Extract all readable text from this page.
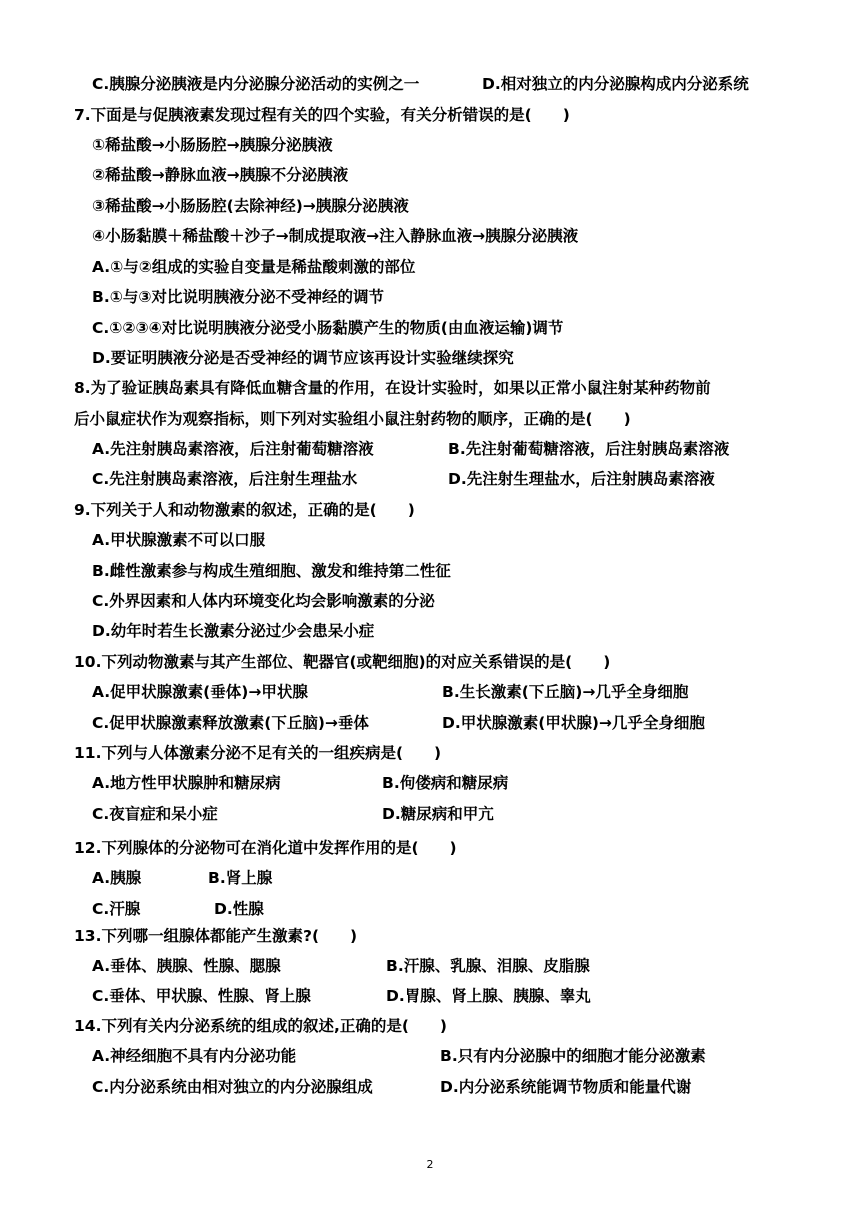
C.胰腺分泌胰液是内分泌腺分泌活动的实例之一	D.相对独立的内分泌腺构成内分泌系统
7.下面是与促胰液素发现过程有关的四个实验，有关分析错误的是(　　)
①稀盐酸→小肠肠腔→胰腺分泌胰液
②稀盐酸→静脉血液→胰腺不分泌胰液
③稀盐酸→小肠肠腔(去除神经)→胰腺分泌胰液
④小肠黏膜＋稀盐酸＋沙子→制成提取液→注入静脉血液→胰腺分泌胰液
A.①与②组成的实验自变量是稀盐酸刺激的部位
B.①与③对比说明胰液分泌不受神经的调节
C.①②③④对比说明胰液分泌受小肠黏膜产生的物质(由血液运输)调节
D.要证明胰液分泌是否受神经的调节应该再设计实验继续探究
8.为了验证胰岛素具有降低血糖含量的作用，在设计实验时，如果以正常小鼠注射某种药物前
后小鼠症状作为观察指标，则下列对实验组小鼠注射药物的顺序，正确的是(　　)
A.先注射胰岛素溶液，后注射葡萄糖溶液	B.先注射葡萄糖溶液，后注射胰岛素溶液
C.先注射胰岛素溶液，后注射生理盐水	D.先注射生理盐水，后注射胰岛素溶液
9.下列关于人和动物激素的叙述，正确的是(　　)
A.甲状腺激素不可以口服
B.雌性激素参与构成生殖细胞、激发和维持第二性征
C.外界因素和人体内环境变化均会影响激素的分泌
D.幼年时若生长激素分泌过少会患呆小症
10.下列动物激素与其产生部位、靶器官(或靶细胞)的对应关系错误的是(　　)
A.促甲状腺激素(垂体)→甲状腺	B.生长激素(下丘脑)→几乎全身细胞
C.促甲状腺激素释放激素(下丘脑)→垂体	D.甲状腺激素(甲状腺)→几乎全身细胞
11.下列与人体激素分泌不足有关的一组疾病是(　　)
A.地方性甲状腺肿和糖尿病	B.佝偻病和糖尿病
C.夜盲症和呆小症	D.糖尿病和甲亢
12.下列腺体的分泌物可在消化道中发挥作用的是(　　)
A.胰腺	B.肾上腺
C.汗腺	D.性腺
13.下列哪一组腺体都能产生激素?(　　)
A.垂体、胰腺、性腺、腮腺	B.汗腺、乳腺、泪腺、皮脂腺
C.垂体、甲状腺、性腺、肾上腺	D.胃腺、肾上腺、胰腺、睾丸
14.下列有关内分泌系统的组成的叙述,正确的是(　　)
A.神经细胞不具有内分泌功能	B.只有内分泌腺中的细胞才能分泌激素
C.内分泌系统由相对独立的内分泌腺组成	D.内分泌系统能调节物质和能量代谢
2
